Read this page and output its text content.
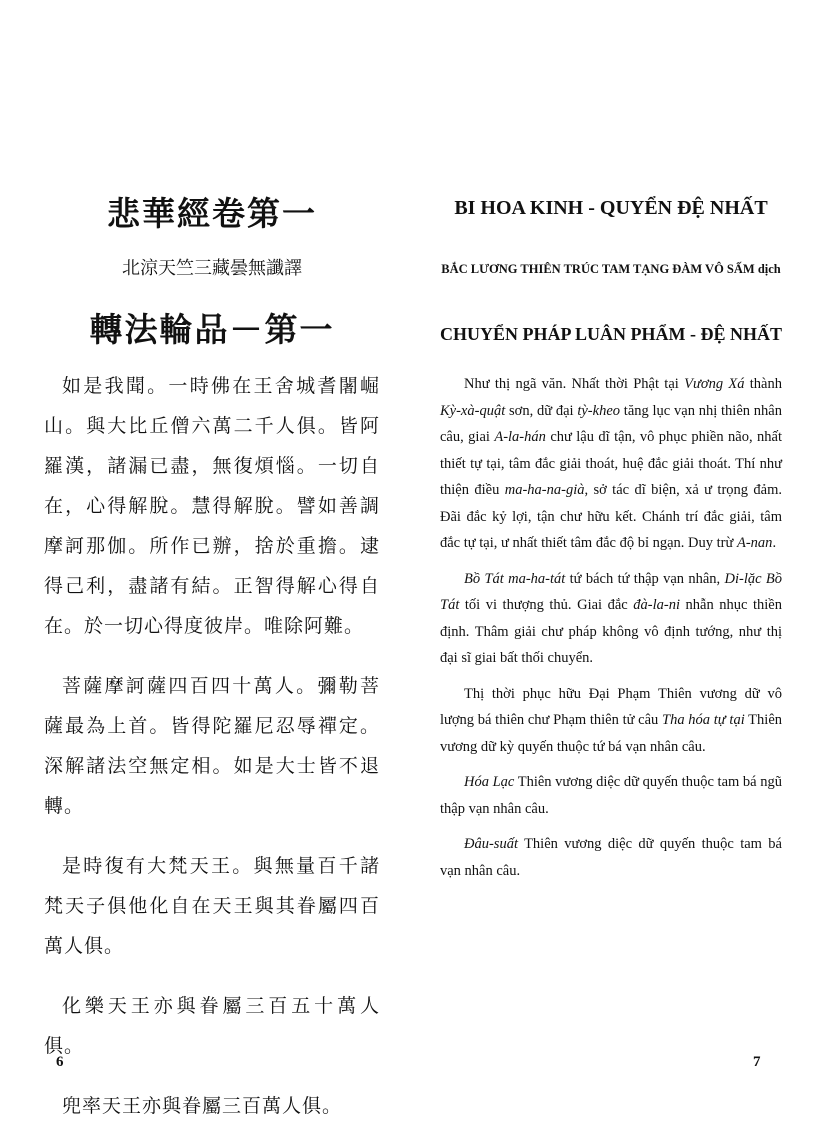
悲華經卷第一
北涼天竺三藏曇無讖譯
轉法輪品－第一

如是我聞。一時佛在王舍城耆闍崛山。與大比丘僧六萬二千人俱。皆阿羅漢，諸漏已盡，無復煩惱。一切自在，心得解脫。慧得解脫。譬如善調摩訶那伽。所作已辦，捨於重擔。逮得己利，盡諸有結。正智得解心得自在。於一切心得度彼岸。唯除阿難。

菩薩摩訶薩四百四十萬人。彌勒菩薩最為上首。皆得陀羅尼忍辱禪定。深解諸法空無定相。如是大士皆不退轉。

是時復有大梵天王。與無量百千諸梵天子俱他化自在天王與其眷屬四百萬人俱。

化樂天王亦與眷屬三百五十萬人俱。

兜率天王亦與眷屬三百萬人俱。

BI HOA KINH - QUYỂN ĐỆ NHẤT
BẮC LƯƠNG THIÊN TRÚC TAM TẠNG ĐÀM VÔ SẤM dịch
CHUYỂN PHÁP LUÂN PHẨM - ĐỆ NHẤT

Như thị ngã văn. Nhất thời Phật tại Vương Xá thành Kỳ-xà-quật sơn, dữ đại tỳ-kheo tăng lục vạn nhị thiên nhân câu, giai A-la-hán chư lậu dĩ tận, vô phục phiền não, nhất thiết tự tại, tâm đắc giải thoát, huệ đắc giải thoát. Thí như thiện điều ma-ha-na-già, sở tác dĩ biện, xả ư trọng đảm. Đãi đắc kỷ lợi, tận chư hữu kết. Chánh trí đắc giải, tâm đắc tự tại, ư nhất thiết tâm đắc độ bỉ ngạn. Duy trừ A-nan.

Bồ Tát ma-ha-tát tứ bách tứ thập vạn nhân, Di-lặc Bồ Tát tối vi thượng thủ. Giai đắc đà-la-ni nhẫn nhục thiền định. Thâm giải chư pháp không vô định tướng, như thị đại sĩ giai bất thối chuyển.

Thị thời phục hữu Đại Phạm Thiên vương dữ vô lượng bá thiên chư Phạm thiên tử câu Tha hóa tự tại Thiên vương dữ kỳ quyến thuộc tứ bá vạn nhân câu.

Hóa Lạc Thiên vương diệc dữ quyến thuộc tam bá ngũ thập vạn nhân câu.

Đâu-suất Thiên vương diệc dữ quyến thuộc tam bá vạn nhân câu.

6	7
